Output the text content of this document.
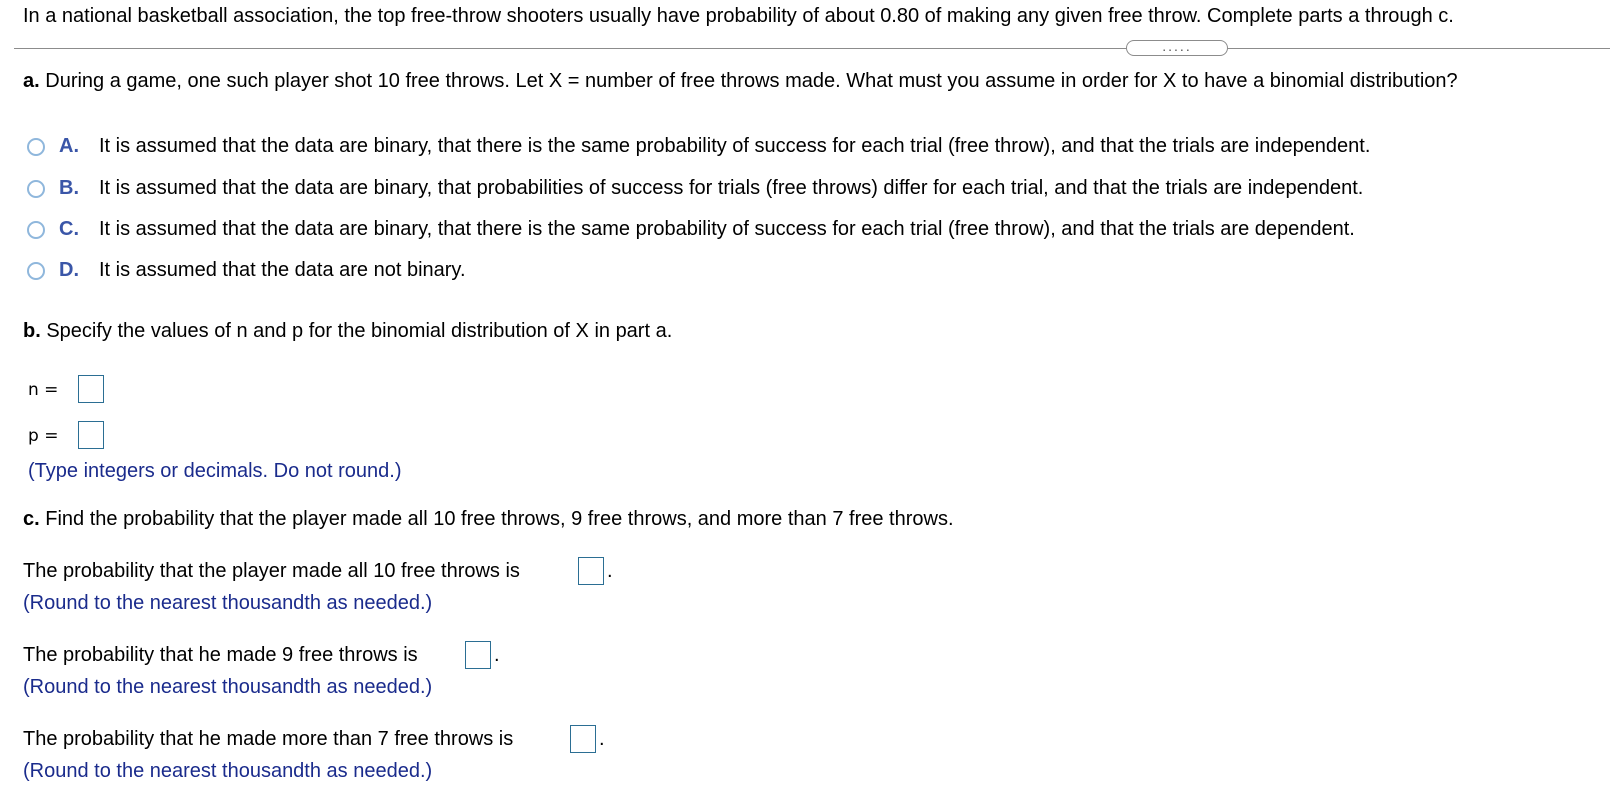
In a national basketball association, the top free-throw shooters usually have probability of about 0.80 of making any given free throw. Complete parts a through c.
.....
a. During a game, one such player shot 10 free throws. Let X = number of free throws made. What must you assume in order for X to have a binomial distribution?
A. It is assumed that the data are binary, that there is the same probability of success for each trial (free throw), and that the trials are independent.
B. It is assumed that the data are binary, that probabilities of success for trials (free throws) differ for each trial, and that the trials are independent.
C. It is assumed that the data are binary, that there is the same probability of success for each trial (free throw), and that the trials are dependent.
D. It is assumed that the data are not binary.
b. Specify the values of n and p for the binomial distribution of X in part a.
n =
p =
(Type integers or decimals. Do not round.)
c. Find the probability that the player made all 10 free throws, 9 free throws, and more than 7 free throws.
The probability that the player made all 10 free throws is	.
(Round to the nearest thousandth as needed.)
The probability that he made 9 free throws is	.
(Round to the nearest thousandth as needed.)
The probability that he made more than 7 free throws is	.
(Round to the nearest thousandth as needed.)
